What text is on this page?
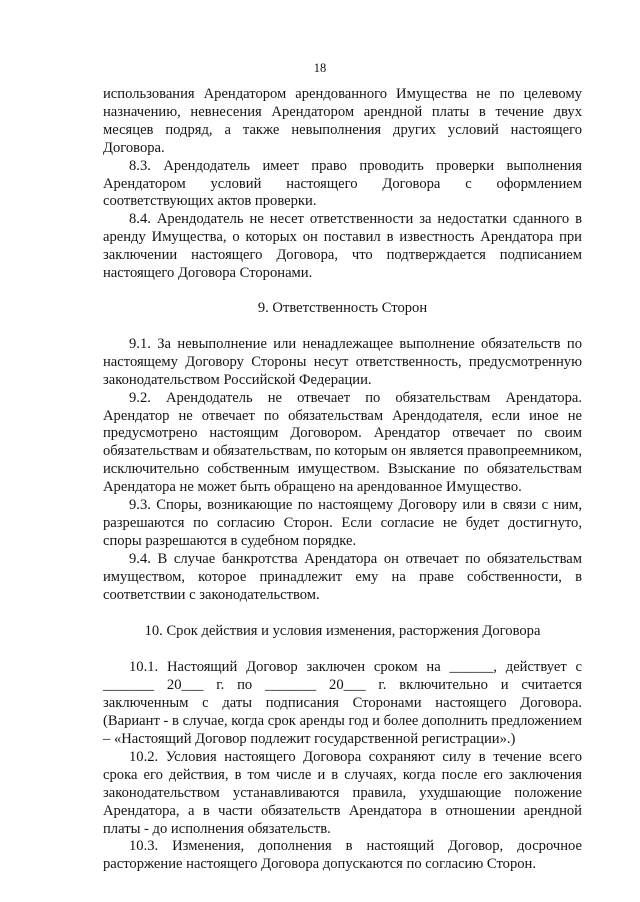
18

использования Арендатором арендованного Имущества не по целевому назначению, невнесения Арендатором арендной платы в течение двух месяцев подряд, а также невыполнения других условий настоящего Договора.

8.3. Арендодатель имеет право проводить проверки выполнения Арендатором условий настоящего Договора с оформлением соответствующих актов проверки.

8.4. Арендодатель не несет ответственности за недостатки сданного в аренду Имущества, о которых он поставил в известность Арендатора при заключении настоящего Договора, что подтверждается подписанием настоящего Договора Сторонами.

9. Ответственность Сторон

9.1. За невыполнение или ненадлежащее выполнение обязательств по настоящему Договору Стороны несут ответственность, предусмотренную законодательством Российской Федерации.

9.2. Арендодатель не отвечает по обязательствам Арендатора. Арендатор не отвечает по обязательствам Арендодателя, если иное не предусмотрено настоящим Договором. Арендатор отвечает по своим обязательствам и обязательствам, по которым он является правопреемником, исключительно собственным имуществом. Взыскание по обязательствам Арендатора не может быть обращено на арендованное Имущество.

9.3. Споры, возникающие по настоящему Договору или в связи с ним, разрешаются по согласию Сторон. Если согласие не будет достигнуто, споры разрешаются в судебном порядке.

9.4. В случае банкротства Арендатора он отвечает по обязательствам имуществом, которое принадлежит ему на праве собственности, в соответствии с законодательством.

10. Срок действия и условия изменения, расторжения Договора

10.1. Настоящий Договор заключен сроком на ______, действует с _______ 20___ г. по _______ 20___ г. включительно и считается заключенным с даты подписания Сторонами настоящего Договора. (Вариант - в случае, когда срок аренды год и более дополнить предложением – «Настоящий Договор подлежит государственной регистрации».)

10.2. Условия настоящего Договора сохраняют силу в течение всего срока его действия, в том числе и в случаях, когда после его заключения законодательством устанавливаются правила, ухудшающие положение Арендатора, а в части обязательств Арендатора в отношении арендной платы - до исполнения обязательств.

10.3. Изменения, дополнения в настоящий Договор, досрочное расторжение настоящего Договора допускаются по согласию Сторон.
